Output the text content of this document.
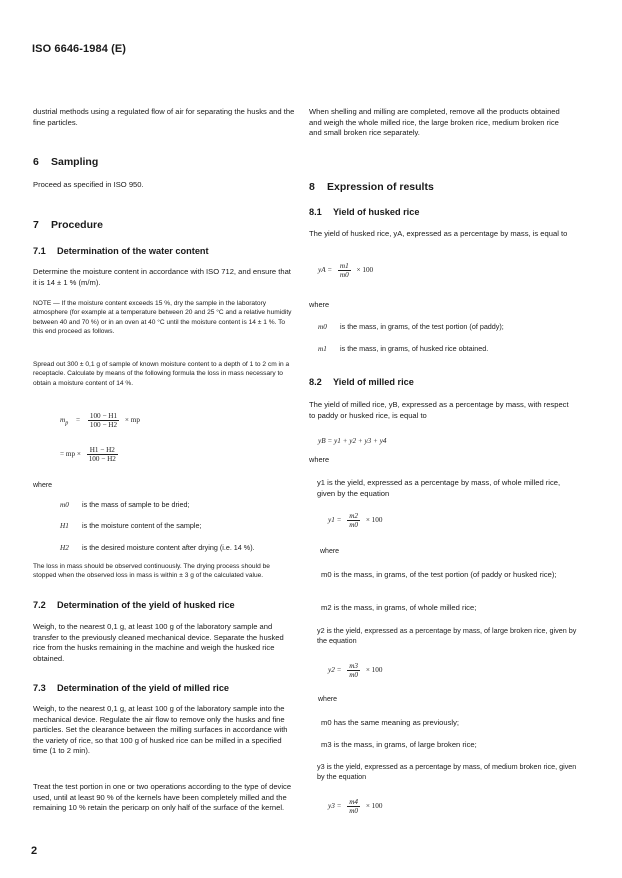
ISO 6646-1984 (E)

dustrial methods using a regulated flow of air for separating the husks and the fine particles.

6 Sampling

Proceed as specified in ISO 950.

7 Procedure

7.1 Determination of the water content

Determine the moisture content in accordance with ISO 712, and ensure that it is 14 ± 1 % (m/m).

NOTE — If the moisture content exceeds 15 %, dry the sample in the laboratory atmosphere (for example at a temperature between 20 and 25 °C and a relative humidity between 40 and 70 %) or in an oven at 40 °C until the moisture content is 14 ± 1 %. To this end proceed as follows.

Spread out 300 ± 0,1 g of sample of known moisture content to a depth of 1 to 2 cm in a receptacle. Calculate by means of the following formula the loss in mass necessary to obtain a moisture content of 14 %.

$m_p = \frac{100 - H1}{100 - H2}$ × mp
= mp × $\frac{H1 - H2}{100 - H2}$
where
m0 is the mass of sample to be dried;
H1 is the moisture content of the sample;
H2 is the desired moisture content after drying (i.e. 14 %).

The loss in mass should be observed continuously. The drying process should be stopped when the observed loss in mass is within ± 3 g of the calculated value.

7.2 Determination of the yield of husked rice

Weigh, to the nearest 0,1 g, at least 100 g of the laboratory sample and transfer to the previously cleaned mechanical device. Separate the husked rice from the husks remaining in the machine and weigh the husked rice obtained.

7.3 Determination of the yield of milled rice

Weigh, to the nearest 0,1 g, at least 100 g of the laboratory sample into the mechanical device. Regulate the air flow to remove only the husks and fine particles. Set the clearance between the milling surfaces in accordance with the variety of rice, so that 100 g of husked rice can be milled in a specified time (1 to 2 min).

Treat the test portion in one or two operations according to the type of device used, until at least 90 % of the kernels have been completely milled and the remaining 10 % retain the pericarp on only half of the surface of the kernel.

When shelling and milling are completed, remove all the products obtained and weigh the whole milled rice, the large broken rice, medium broken rice and small broken rice separately.

8 Expression of results

8.1 Yield of husked rice

The yield of husked rice, yA, expressed as a percentage by mass, is equal to

yA = $\frac{m1}{m0} \times 100$
where
m0 is the mass, in grams, of the test portion (of paddy);
m1 is the mass, in grams, of husked rice obtained.

8.2 Yield of milled rice

The yield of milled rice, yB, expressed as a percentage by mass, with respect to paddy or husked rice, is equal to

yB = y1 + y2 + y3 + y4
where

y1 is the yield, expressed as a percentage by mass, of whole milled rice, given by the equation

$y1 = \frac{m2}{m0} \times 100$
where

m0 is the mass, in grams, of the test portion (of paddy or husked rice);

m2 is the mass, in grams, of whole milled rice;

y2 is the yield, expressed as a percentage by mass, of large broken rice, given by the equation

$y2 = \frac{m3}{m0} \times 100$
where

m0 has the same meaning as previously;

m3 is the mass, in grams, of large broken rice;

y3 is the yield, expressed as a percentage by mass, of medium broken rice, given by the equation

$y3 = \frac{m4}{m0} \times 100$
2
